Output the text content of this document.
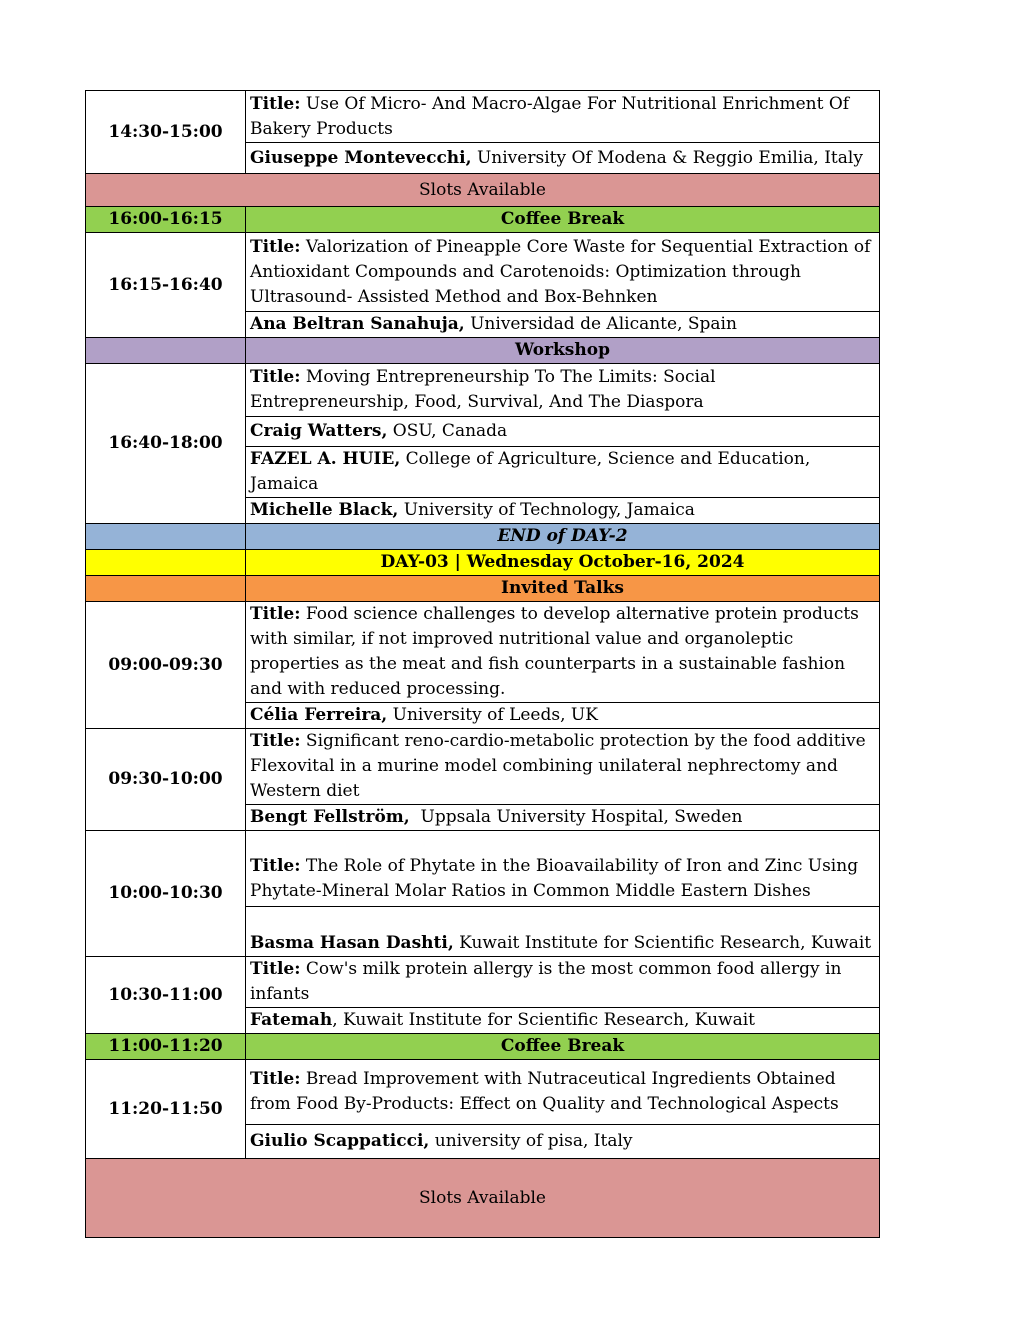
14:30-15:00	Title: Use Of Micro- And Macro-Algae For Nutritional Enrichment Of Bakery Products
	Giuseppe Montevecchi, University Of Modena & Reggio Emilia, Italy
Slots Available	
16:00-16:15	Coffee Break
16:15-16:40	Title: Valorization of Pineapple Core Waste for Sequential Extraction of Antioxidant Compounds and Carotenoids: Optimization through Ultrasound- Assisted Method and Box-Behnken
	Ana Beltran Sanahuja, Universidad de Alicante, Spain
	Workshop
16:40-18:00	Title: Moving Entrepreneurship To The Limits: Social Entrepreneurship, Food, Survival, And The Diaspora
	Craig Watters, OSU, Canada
	FAZEL A. HUIE, College of Agriculture, Science and Education, Jamaica
	Michelle Black, University of Technology, Jamaica
	END of DAY-2
	DAY-03 | Wednesday October-16, 2024
	Invited Talks
09:00-09:30	Title: Food science challenges to develop alternative protein products with similar, if not improved nutritional value and organoleptic properties as the meat and fish counterparts in a sustainable fashion and with reduced processing.
	Célia Ferreira, University of Leeds, UK
09:30-10:00	Title: Significant reno-cardio-metabolic protection by the food additive Flexovital in a murine model combining unilateral nephrectomy and Western diet
	Bengt Fellström,  Uppsala University Hospital, Sweden
10:00-10:30	Title: The Role of Phytate in the Bioavailability of Iron and Zinc Using Phytate-Mineral Molar Ratios in Common Middle Eastern Dishes
	Basma Hasan Dashti, Kuwait Institute for Scientific Research, Kuwait
10:30-11:00	Title: Cow's milk protein allergy is the most common food allergy in infants
	Fatemah, Kuwait Institute for Scientific Research, Kuwait
11:00-11:20	Coffee Break
11:20-11:50	Title: Bread Improvement with Nutraceutical Ingredients Obtained from Food By-Products: Effect on Quality and Technological Aspects
	Giulio Scappaticci, university of pisa, Italy
Slots Available	
